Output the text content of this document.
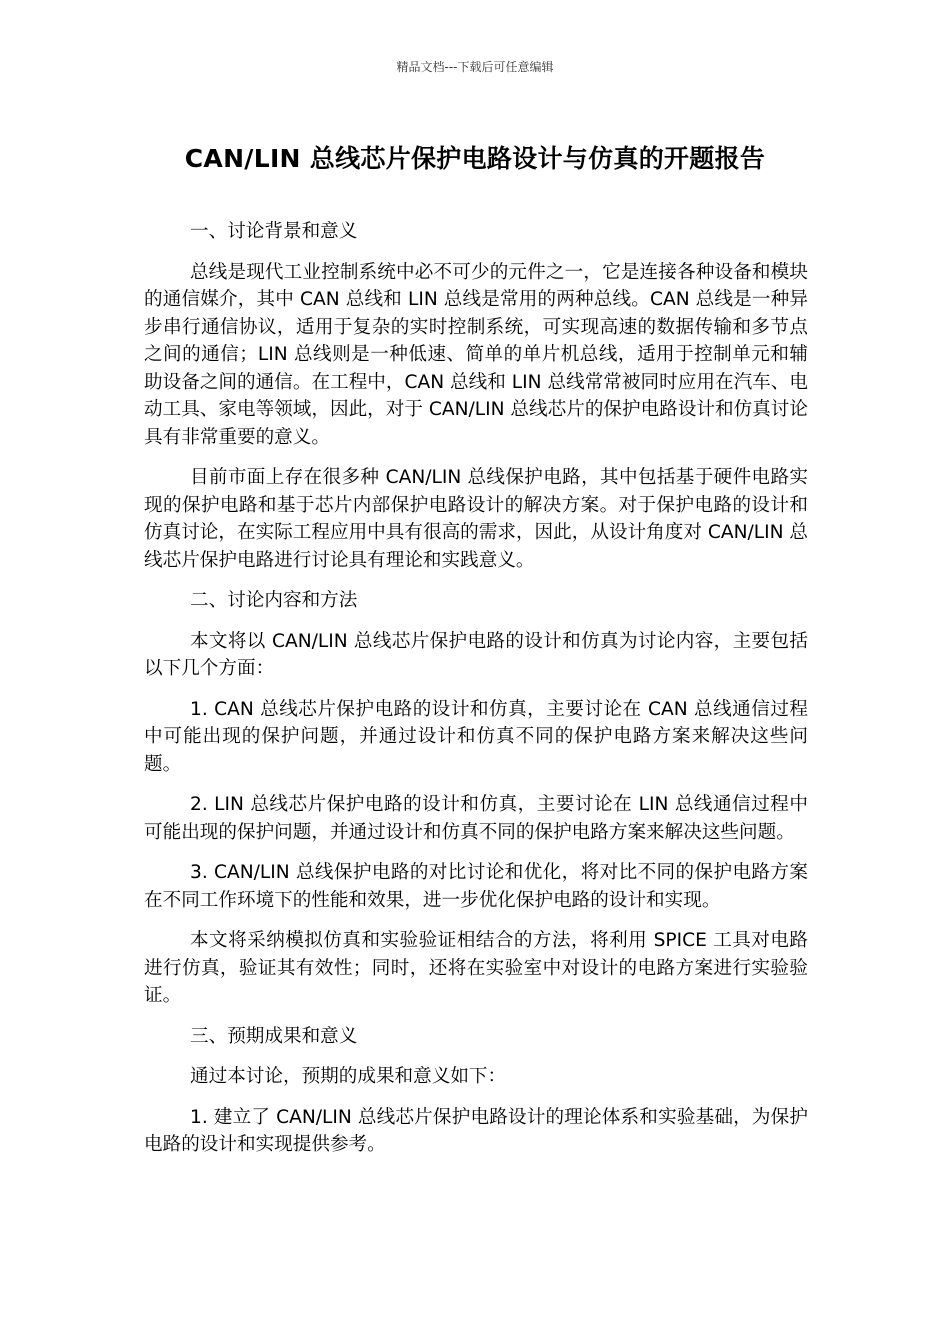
精品文档---下载后可任意编辑
CAN/LIN 总线芯片保护电路设计与仿真的开题报告
一、讨论背景和意义
总线是现代工业控制系统中必不可少的元件之一，它是连接各种设备和模块的通信媒介，其中 CAN 总线和 LIN 总线是常用的两种总线。CAN 总线是一种异步串行通信协议，适用于复杂的实时控制系统，可实现高速的数据传输和多节点之间的通信；LIN 总线则是一种低速、简单的单片机总线，适用于控制单元和辅助设备之间的通信。在工程中，CAN 总线和 LIN 总线常常被同时应用在汽车、电动工具、家电等领域，因此，对于 CAN/LIN 总线芯片的保护电路设计和仿真讨论具有非常重要的意义。
目前市面上存在很多种 CAN/LIN 总线保护电路，其中包括基于硬件电路实现的保护电路和基于芯片内部保护电路设计的解决方案。对于保护电路的设计和仿真讨论，在实际工程应用中具有很高的需求，因此，从设计角度对 CAN/LIN 总线芯片保护电路进行讨论具有理论和实践意义。
二、讨论内容和方法
本文将以 CAN/LIN 总线芯片保护电路的设计和仿真为讨论内容，主要包括以下几个方面：
1. CAN 总线芯片保护电路的设计和仿真，主要讨论在 CAN 总线通信过程中可能出现的保护问题，并通过设计和仿真不同的保护电路方案来解决这些问题。
2. LIN 总线芯片保护电路的设计和仿真，主要讨论在 LIN 总线通信过程中可能出现的保护问题，并通过设计和仿真不同的保护电路方案来解决这些问题。
3. CAN/LIN 总线保护电路的对比讨论和优化，将对比不同的保护电路方案在不同工作环境下的性能和效果，进一步优化保护电路的设计和实现。
本文将采纳模拟仿真和实验验证相结合的方法，将利用 SPICE 工具对电路进行仿真，验证其有效性；同时，还将在实验室中对设计的电路方案进行实验验证。
三、预期成果和意义
通过本讨论，预期的成果和意义如下：
1. 建立了 CAN/LIN 总线芯片保护电路设计的理论体系和实验基础，为保护电路的设计和实现提供参考。
